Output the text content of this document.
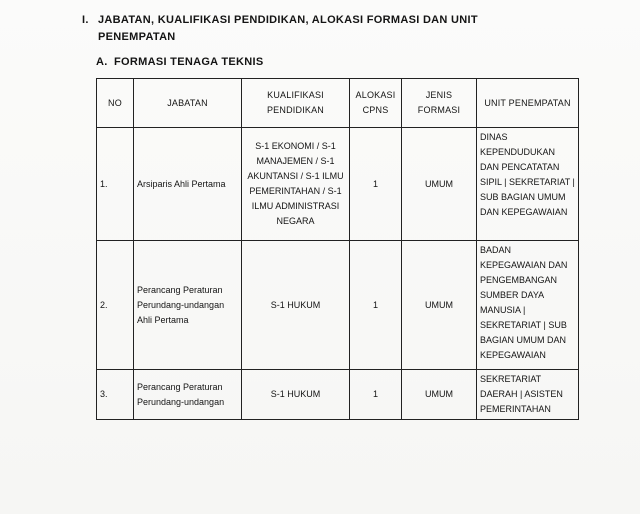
I. JABATAN, KUALIFIKASI PENDIDIKAN, ALOKASI FORMASI DAN UNIT
PENEMPATAN
A. FORMASI TENAGA TEKNIS
NO	JABATAN	KUALIFIKASI PENDIDIKAN	ALOKASI CPNS	JENIS FORMASI	UNIT PENEMPATAN
1.	Arsiparis Ahli Pertama	S-1 EKONOMI / S-1 MANAJEMEN / S-1 AKUNTANSI / S-1 ILMU PEMERINTAHAN / S-1 ILMU ADMINISTRASI NEGARA	1	UMUM	DINAS KEPENDUDUKAN DAN PENCATATAN SIPIL | SEKRETARIAT | SUB BAGIAN UMUM DAN KEPEGAWAIAN
2.	Perancang Peraturan Perundang-undangan Ahli Pertama	S-1 HUKUM	1	UMUM	BADAN KEPEGAWAIAN DAN PENGEMBANGAN SUMBER DAYA MANUSIA | SEKRETARIAT | SUB BAGIAN UMUM DAN KEPEGAWAIAN
3.	Perancang Peraturan Perundang-undangan	S-1 HUKUM	1	UMUM	SEKRETARIAT DAERAH | ASISTEN PEMERINTAHAN
